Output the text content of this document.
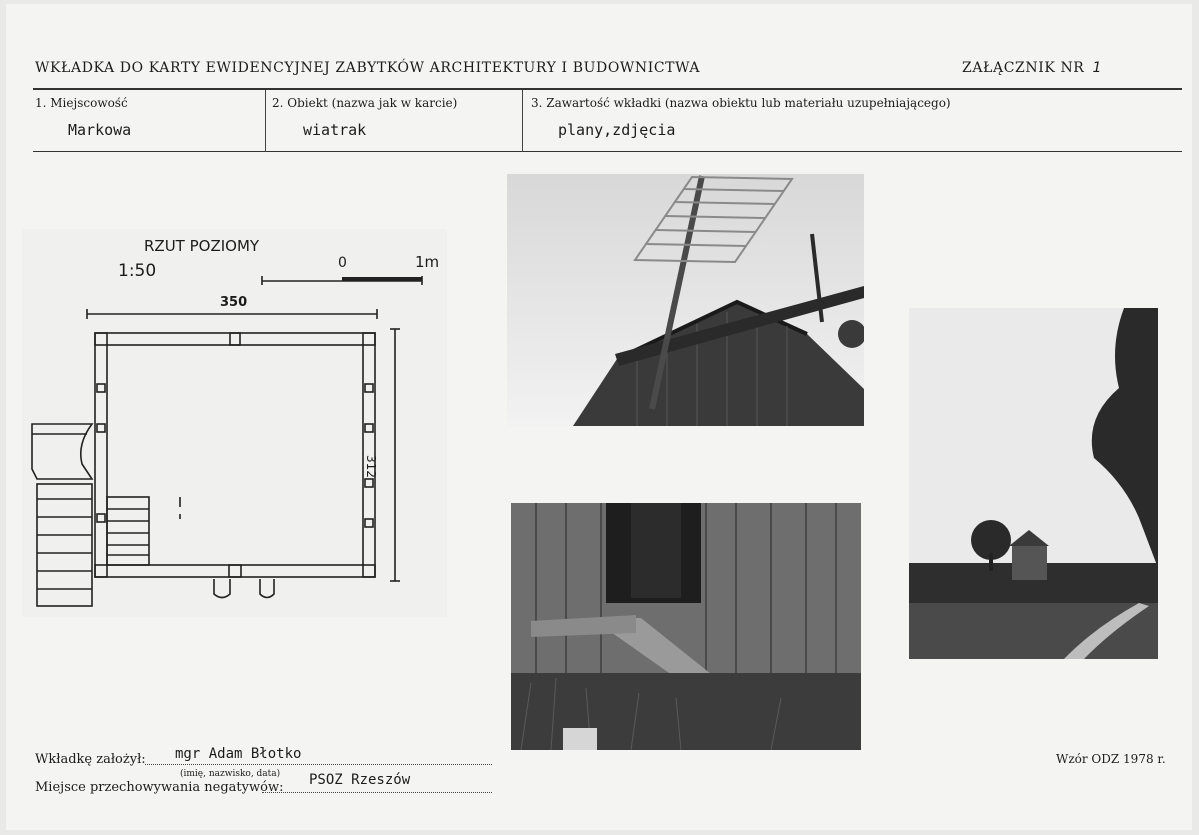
WKŁADKA DO KARTY EWIDENCYJNEJ ZABYTKÓW ARCHITEKTURY I BUDOWNICTWA	ZAŁĄCZNIK NR 1
1. Miejscowość
Markowa
2. Obiekt (nazwa jak w karcie)
wiatrak
3. Zawartość wkładki (nazwa obiektu lub materiału uzupełniającego)
plany,zdjęcia
RZUT POZIOMY
1:50	0	1m
350
312
Wkładkę założył: mgr Adam Błotko
(imię, nazwisko, data)
Miejsce przechowywania negatywów: PSOZ Rzeszów
Wzór ODZ 1978 r.
